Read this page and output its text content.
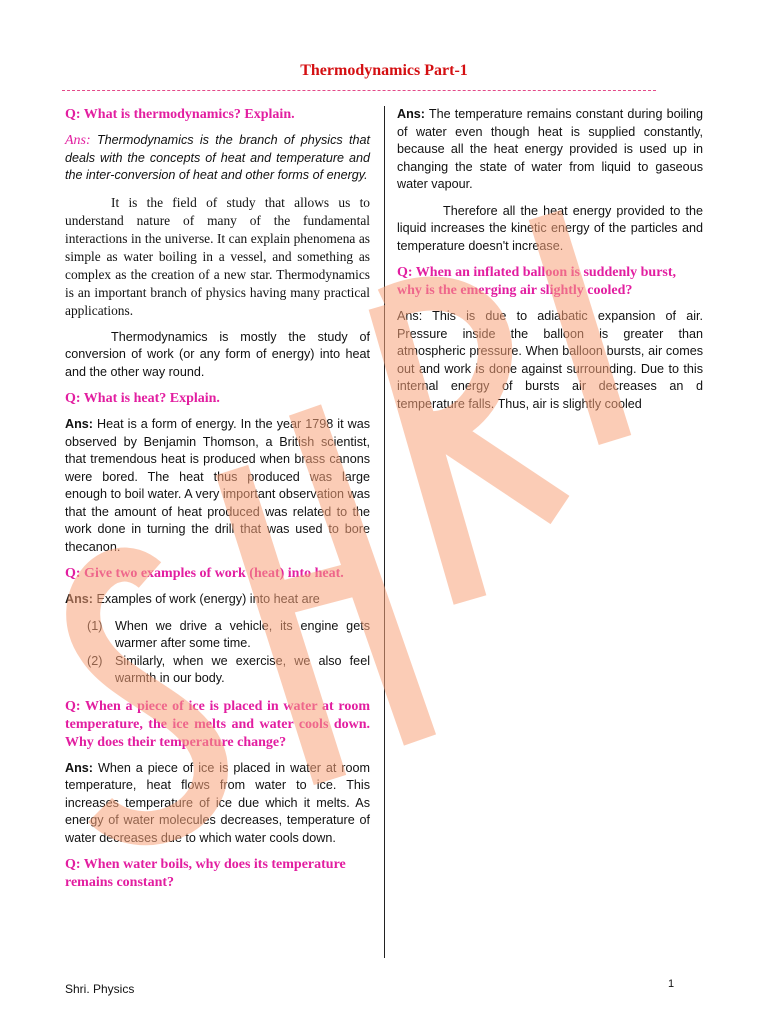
Thermodynamics Part-1
Q: What is thermodynamics? Explain.

Ans: Thermodynamics is the branch of physics that deals with the concepts of heat and temperature and the inter-conversion of heat and other forms of energy.

It is the field of study that allows us to understand nature of many of the fundamental interactions in the universe. It can explain phenomena as simple as water boiling in a vessel, and something as complex as the creation of a new star. Thermodynamics is an important branch of physics having many practical applications.

Thermodynamics is mostly the study of conversion of work (or any form of energy) into heat and the other way round.

Q: What is heat? Explain.

Ans: Heat is a form of energy. In the year 1798 it was observed by Benjamin Thomson, a British scientist, that tremendous heat is produced when brass canons were bored. The heat thus produced was large enough to boil water. A very important observation was that the amount of heat produced was related to the work done in turning the drill that was used to bore thecanon.

Q: Give two examples of work (heat) into heat.

Ans: Examples of work (energy) into heat are

(1) When we drive a vehicle, its engine gets warmer after some time.
(2) Similarly, when we exercise, we also feel warmth in our body.
Q: When a piece of ice is placed in water at room temperature, the ice melts and water cools down. Why does their temperature change?

Ans: When a piece of ice is placed in water at room temperature, heat flows from water to ice. This increases temperature of ice due which it melts. As energy of water molecules decreases, temperature of water decreases due to which water cools down.

Q: When water boils, why does its temperature remains constant?

Ans: The temperature remains constant during boiling of water even though heat is supplied constantly, because all the heat energy provided is used up in changing the state of water from liquid to gaseous water vapour.

Therefore all the heat energy provided to the liquid increases the kinetic energy of the particles and temperature doesn't increase.

Q: When an inflated balloon is suddenly burst, why is the emerging air slightly cooled?

Ans: This is due to adiabatic expansion of air. Pressure inside the balloon is greater than atmospheric pressure. When balloon bursts, air comes out and work is done against surrounding. Due to this internal energy of bursts air decreases an d temperature falls. Thus, air is slightly cooled

Shri. Physics	1
